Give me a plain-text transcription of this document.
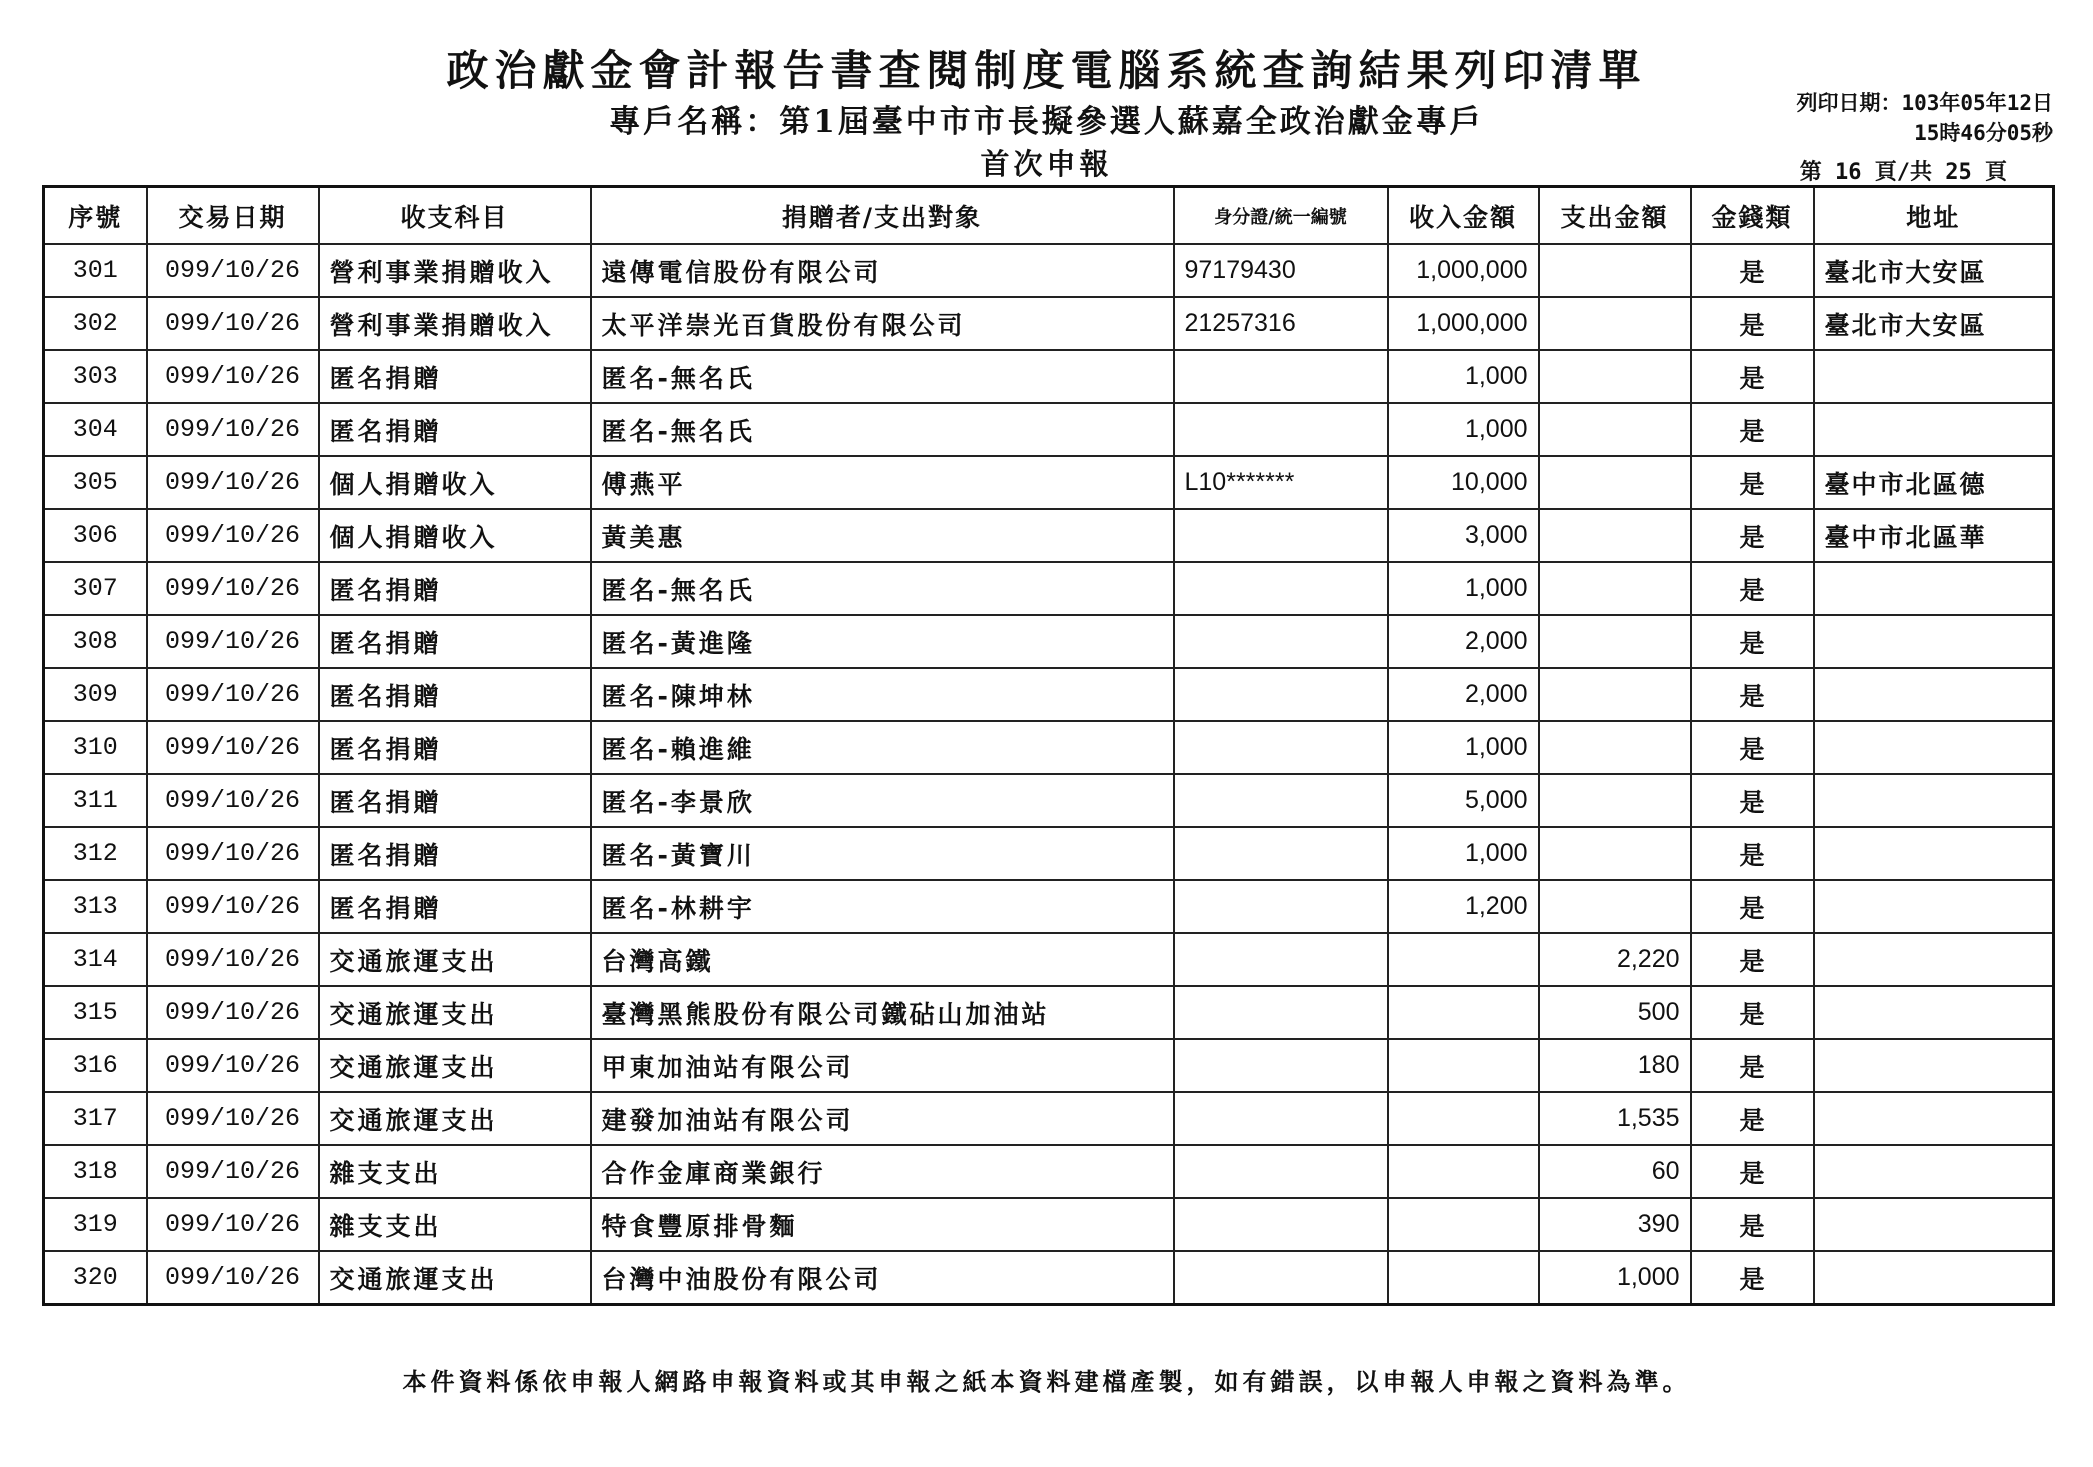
政治獻金會計報告書查閱制度電腦系統查詢結果列印清單
專戶名稱：第1屆臺中市市長擬參選人蘇嘉全政治獻金專戶
首次申報
列印日期：103年05年12日
15時46分05秒
第 16 頁/共 25 頁
序號	交易日期	收支科目	捐贈者/支出對象	身分證/統一編號	收入金額	支出金額	金錢類	地址
301	099/10/26	營利事業捐贈收入	遠傳電信股份有限公司	97179430	1,000,000		是	臺北市大安區
302	099/10/26	營利事業捐贈收入	太平洋崇光百貨股份有限公司	21257316	1,000,000		是	臺北市大安區
303	099/10/26	匿名捐贈	匿名-無名氏		1,000		是	
304	099/10/26	匿名捐贈	匿名-無名氏		1,000		是	
305	099/10/26	個人捐贈收入	傅燕平	L10*******	10,000		是	臺中市北區德
306	099/10/26	個人捐贈收入	黃美惠		3,000		是	臺中市北區華
307	099/10/26	匿名捐贈	匿名-無名氏		1,000		是	
308	099/10/26	匿名捐贈	匿名-黃進隆		2,000		是	
309	099/10/26	匿名捐贈	匿名-陳坤林		2,000		是	
310	099/10/26	匿名捐贈	匿名-賴進維		1,000		是	
311	099/10/26	匿名捐贈	匿名-李景欣		5,000		是	
312	099/10/26	匿名捐贈	匿名-黃寶川		1,000		是	
313	099/10/26	匿名捐贈	匿名-林耕宇		1,200		是	
314	099/10/26	交通旅運支出	台灣高鐵			2,220	是	
315	099/10/26	交通旅運支出	臺灣黑熊股份有限公司鐵砧山加油站			500	是	
316	099/10/26	交通旅運支出	甲東加油站有限公司			180	是	
317	099/10/26	交通旅運支出	建發加油站有限公司			1,535	是	
318	099/10/26	雜支支出	合作金庫商業銀行			60	是	
319	099/10/26	雜支支出	特食豐原排骨麵			390	是	
320	099/10/26	交通旅運支出	台灣中油股份有限公司			1,000	是	
本件資料係依申報人網路申報資料或其申報之紙本資料建檔產製，如有錯誤，以申報人申報之資料為準。
